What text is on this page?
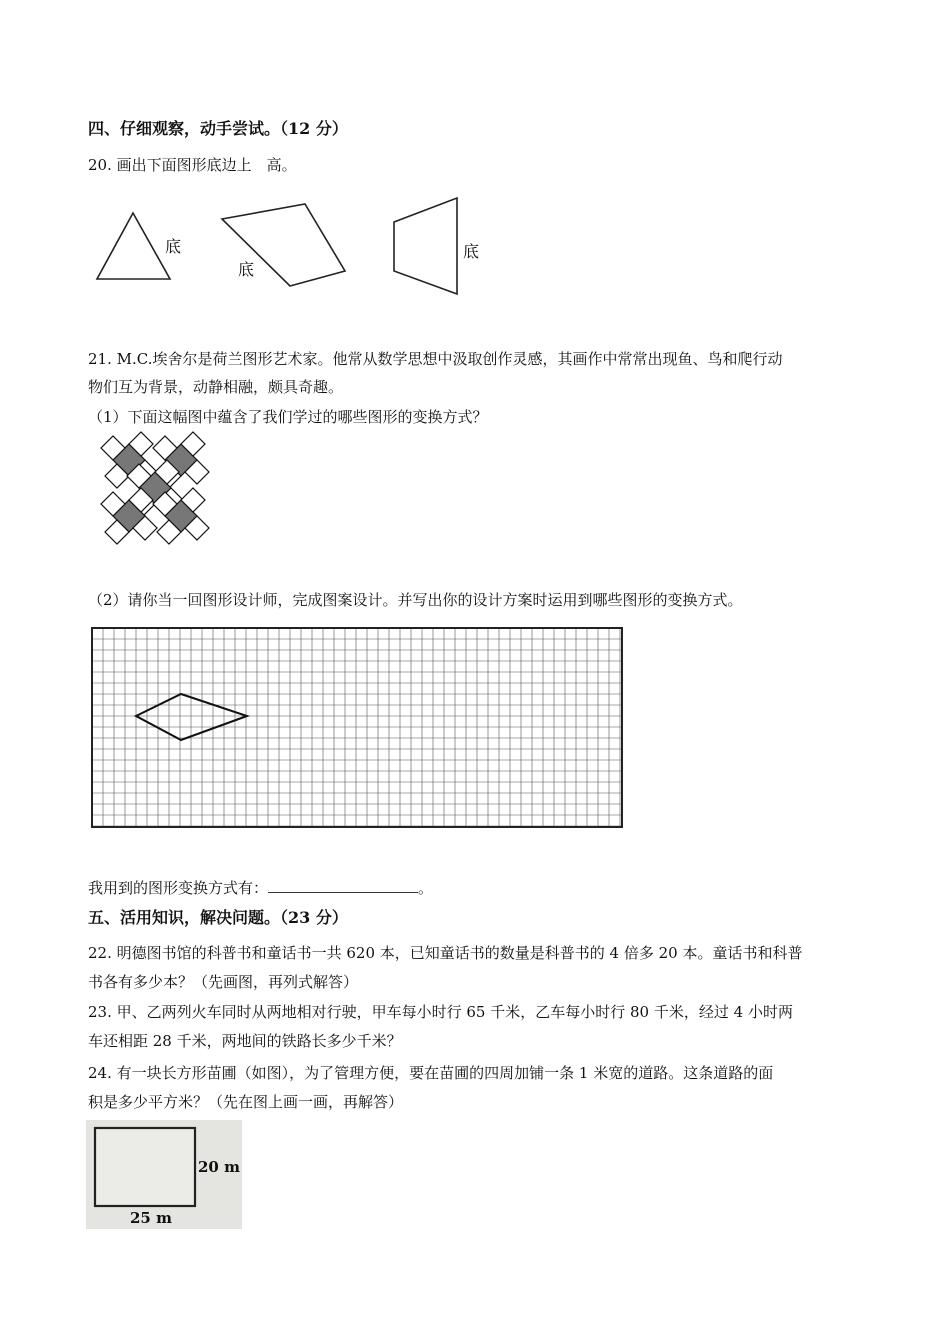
四、仔细观察，动手尝试。（12 分）
20. 画出下面图形底边上　高。
底
底
底
21. M.C.埃舍尔是荷兰图形艺术家。他常从数学思想中汲取创作灵感，其画作中常常出现鱼、鸟和爬行动
物们互为背景，动静相融，颇具奇趣。
（1）下面这幅图中蕴含了我们学过的哪些图形的变换方式？
（2）请你当一回图形设计师，完成图案设计。并写出你的设计方案时运用到哪些图形的变换方式。
我用到的图形变换方式有：	。
五、活用知识，解决问题。（23 分）
22. 明德图书馆的科普书和童话书一共 620 本，已知童话书的数量是科普书的 4 倍多 20 本。童话书和科普
书各有多少本？（先画图，再列式解答）
23. 甲、乙两列火车同时从两地相对行驶，甲车每小时行 65 千米，乙车每小时行 80 千米，经过 4 小时两
车还相距 28 千米，两地间的铁路长多少千米？
24. 有一块长方形苗圃（如图），为了管理方便，要在苗圃的四周加铺一条 1 米宽的道路。这条道路的面
积是多少平方米？（先在图上画一画，再解答）
20 m
25 m
